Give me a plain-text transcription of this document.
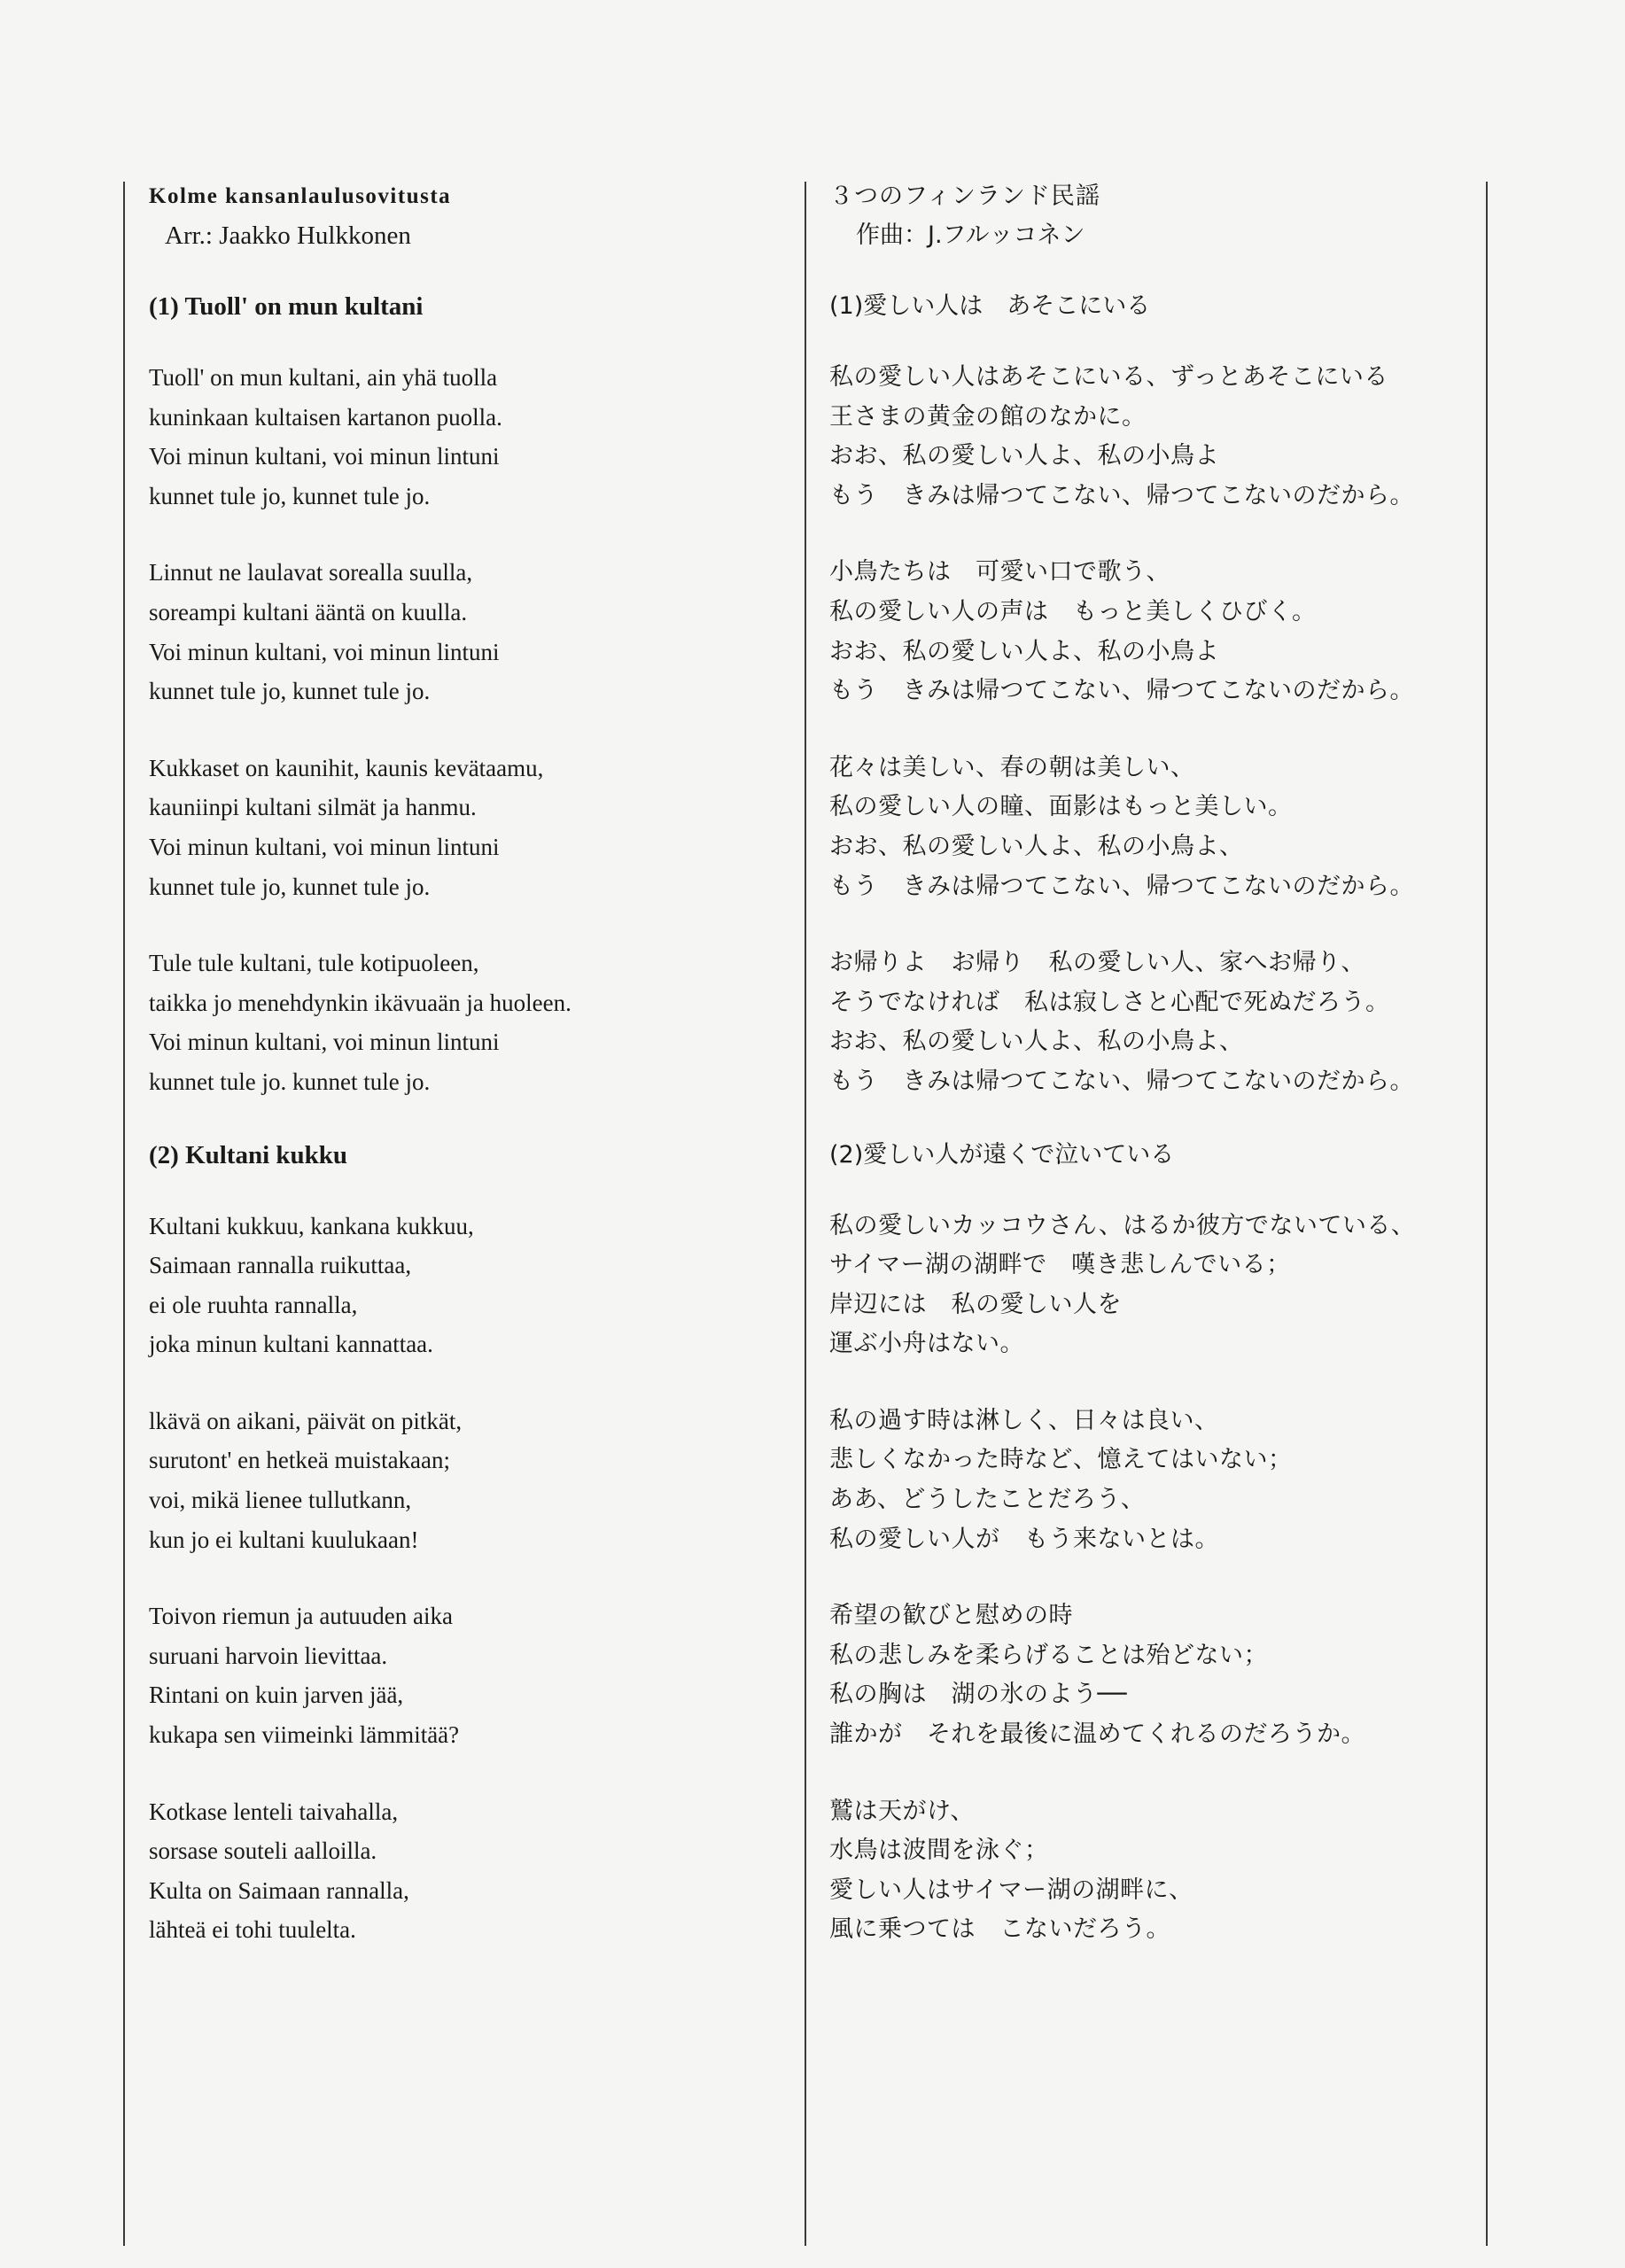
Kolme kansanlaulusovitusta
Arr.: Jaakko Hulkkonen
(1) Tuoll' on mun kultani
Tuoll' on mun kultani, ain yhä tuolla
kuninkaan kultaisen kartanon puolla.
Voi minun kultani, voi minun lintuni
kunnet tule jo, kunnet tule jo.
Linnut ne laulavat sorealla suulla,
soreampi kultani ääntä on kuulla.
Voi minun kultani, voi minun lintuni
kunnet tule jo, kunnet tule jo.
Kukkaset on kaunihit, kaunis kevätaamu,
kauniinpi kultani silmät ja hanmu.
Voi minun kultani, voi minun lintuni
kunnet tule jo, kunnet tule jo.
Tule tule kultani, tule kotipuoleen,
taikka jo menehdynkin ikävuaän ja huoleen.
Voi minun kultani, voi minun lintuni
kunnet tule jo. kunnet tule jo.
(2) Kultani kukku
Kultani kukkuu, kankana kukkuu,
Saimaan rannalla ruikuttaa,
ei ole ruuhta rannalla,
joka minun kultani kannattaa.
lkävä on aikani, päivät on pitkät,
surutont' en hetkeä muistakaan;
voi, mikä lienee tullutkann,
kun jo ei kultani kuulukaan!
Toivon riemun ja autuuden aika
suruani harvoin lievittaa.
Rintani on kuin jarven jää,
kukapa sen viimeinki lämmitää?
Kotkase lenteli taivahalla,
sorsase souteli aalloilla.
Kulta on Saimaan rannalla,
lähteä ei tohi tuulelta.
３つのフィンランド民謡
作曲：J.フルッコネン
(1)愛しい人は　あそこにいる
私の愛しい人はあそこにいる、ずっとあそこにいる
王さまの黄金の館のなかに。
おお、私の愛しい人よ、私の小鳥よ
もう　きみは帰つてこない、帰つてこないのだから。
小鳥たちは　可愛い口で歌う、
私の愛しい人の声は　もっと美しくひびく。
おお、私の愛しい人よ、私の小鳥よ
もう　きみは帰つてこない、帰つてこないのだから。
花々は美しい、春の朝は美しい、
私の愛しい人の瞳、面影はもっと美しい。
おお、私の愛しい人よ、私の小鳥よ、
もう　きみは帰つてこない、帰つてこないのだから。
お帰りよ　お帰り　私の愛しい人、家へお帰り、
そうでなければ　私は寂しさと心配で死ぬだろう。
おお、私の愛しい人よ、私の小鳥よ、
もう　きみは帰つてこない、帰つてこないのだから。
(2)愛しい人が遠くで泣いている
私の愛しいカッコウさん、はるか彼方でないている、
サイマー湖の湖畔で　嘆き悲しんでいる；
岸辺には　私の愛しい人を
運ぶ小舟はない。
私の過す時は淋しく、日々は良い、
悲しくなかった時など、憶えてはいない；
ああ、どうしたことだろう、
私の愛しい人が　もう来ないとは。
希望の歓びと慰めの時
私の悲しみを柔らげることは殆どない；
私の胸は　湖の氷のよう──
誰かが　それを最後に温めてくれるのだろうか。
鷲は天がけ、
水鳥は波間を泳ぐ；
愛しい人はサイマー湖の湖畔に、
風に乗つては　こないだろう。
